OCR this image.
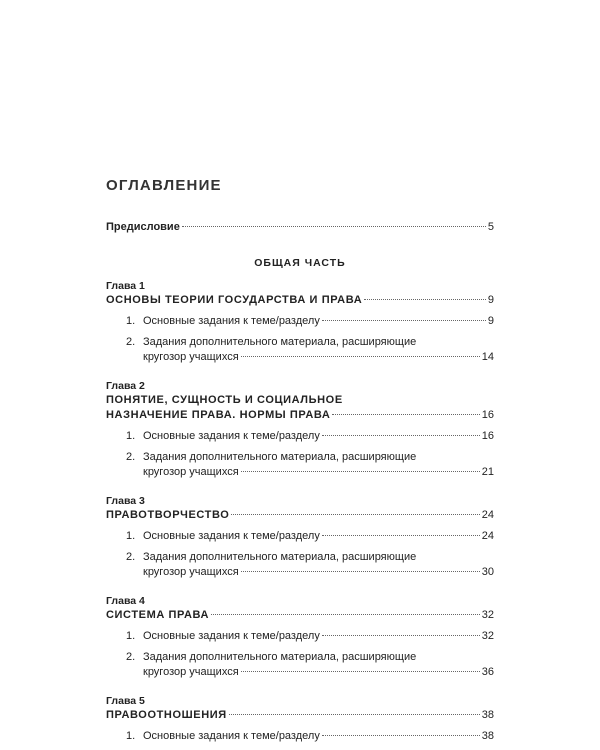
ОГЛАВЛЕНИЕ
Предисловие	5
ОБЩАЯ ЧАСТЬ
Глава 1
ОСНОВЫ ТЕОРИИ ГОСУДАРСТВА И ПРАВА	9
1. Основные задания к теме/разделу	9
2. Задания дополнительного материала, расширяющие
кругозор учащихся	14
Глава 2
ПОНЯТИЕ, СУЩНОСТЬ И СОЦИАЛЬНОЕ
НАЗНАЧЕНИЕ ПРАВА. НОРМЫ ПРАВА	16
1. Основные задания к теме/разделу	16
2. Задания дополнительного материала, расширяющие
кругозор учащихся	21
Глава 3
ПРАВОТВОРЧЕСТВО	24
1. Основные задания к теме/разделу	24
2. Задания дополнительного материала, расширяющие
кругозор учащихся	30
Глава 4
СИСТЕМА ПРАВА	32
1. Основные задания к теме/разделу	32
2. Задания дополнительного материала, расширяющие
кругозор учащихся	36
Глава 5
ПРАВООТНОШЕНИЯ	38
1. Основные задания к теме/разделу	38
